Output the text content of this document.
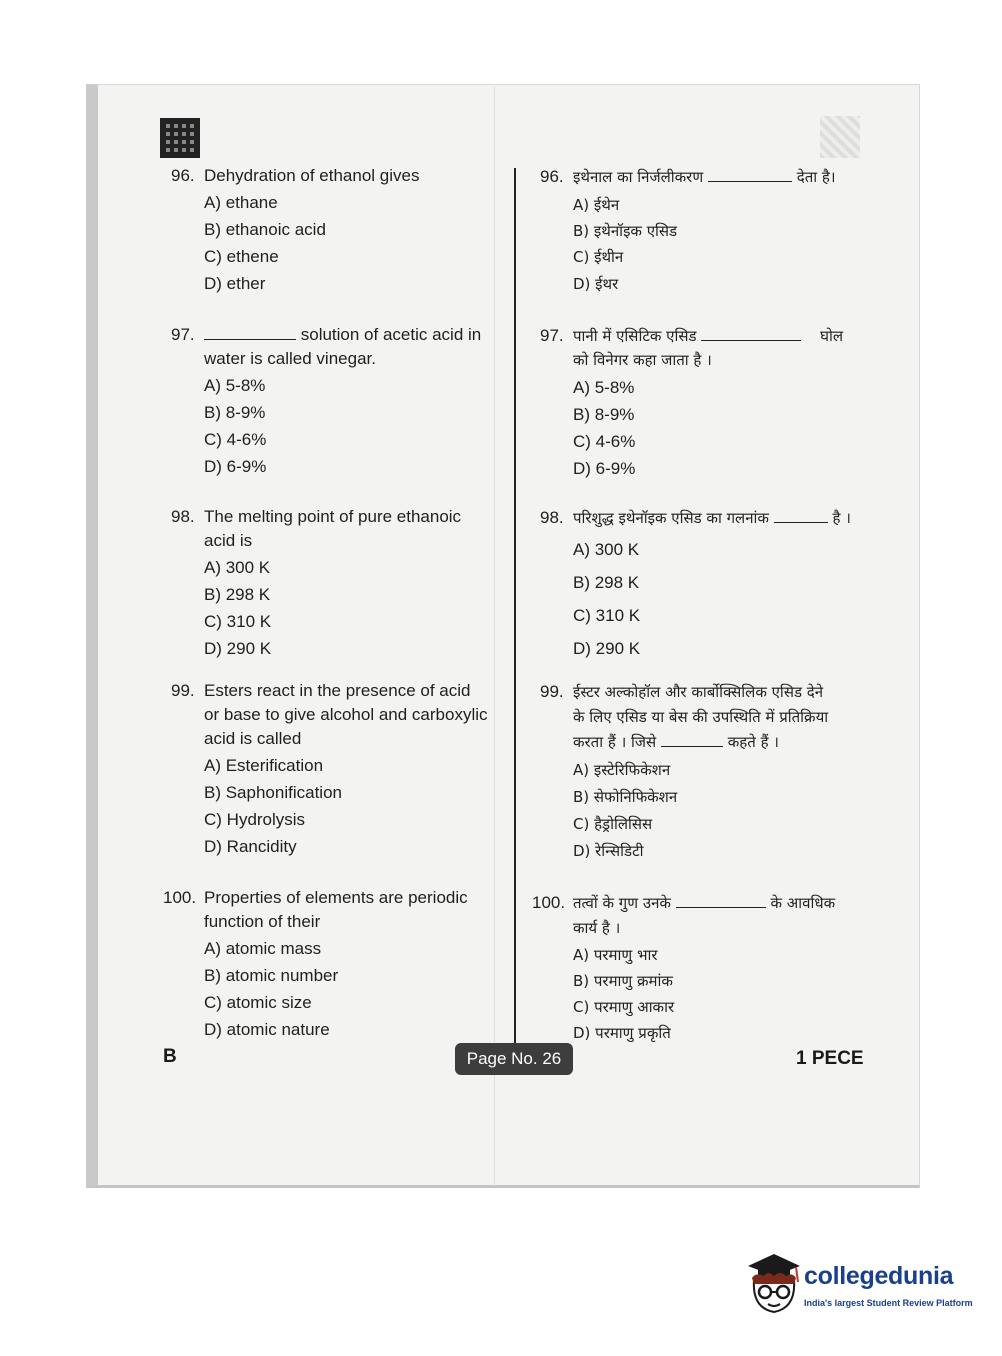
96. Dehydration of ethanol gives
A) ethane
B) ethanoic acid
C) ethene
D) ether
97.	solution of acetic acid in
water is called vinegar.
A) 5-8%
B) 8-9%
C) 4-6%
D) 6-9%
98. The melting point of pure ethanoic
acid is
A) 300 K
B) 298 K
C) 310 K
D) 290 K
99. Esters react in the presence of acid
or base to give alcohol and carboxylic
acid is called
A) Esterification
B) Saphonification
C) Hydrolysis
D) Rancidity
100. Properties of elements are periodic
function of their
A) atomic mass
B) atomic number
C) atomic size
D) atomic nature
96. इथेनाल का निर्जलीकरण	देता है।
A) ईथेन
B) इथेनॉइक एसिड
C) ईथीन
D) ईथर
97. पानी में एसिटिक एसिड	घोल
को विनेगर कहा जाता है ।
A) 5-8%
B) 8-9%
C) 4-6%
D) 6-9%
98. परिशुद्ध इथेनॉइक एसिड का गलनांक	है ।
A) 300 K
B) 298 K
C) 310 K
D) 290 K
99. ईस्टर अल्कोहॉल और कार्बोक्सिलिक एसिड देने
के लिए एसिड या बेस की उपस्थिति में प्रतिक्रिया
करता हैं । जिसे	कहते हैं ।
A) इस्टेरिफिकेशन
B) सेफोनिफिकेशन
C) हैड्रोलिसिस
D) रेन्सिडिटी
100. तत्वों के गुण उनके	के आवधिक
कार्य है ।
A) परमाणु भार
B) परमाणु क्रमांक
C) परमाणु आकार
D) परमाणु प्रकृति
B	Page No. 26	1 PECE
collegedunia
India's largest Student Review Platform
